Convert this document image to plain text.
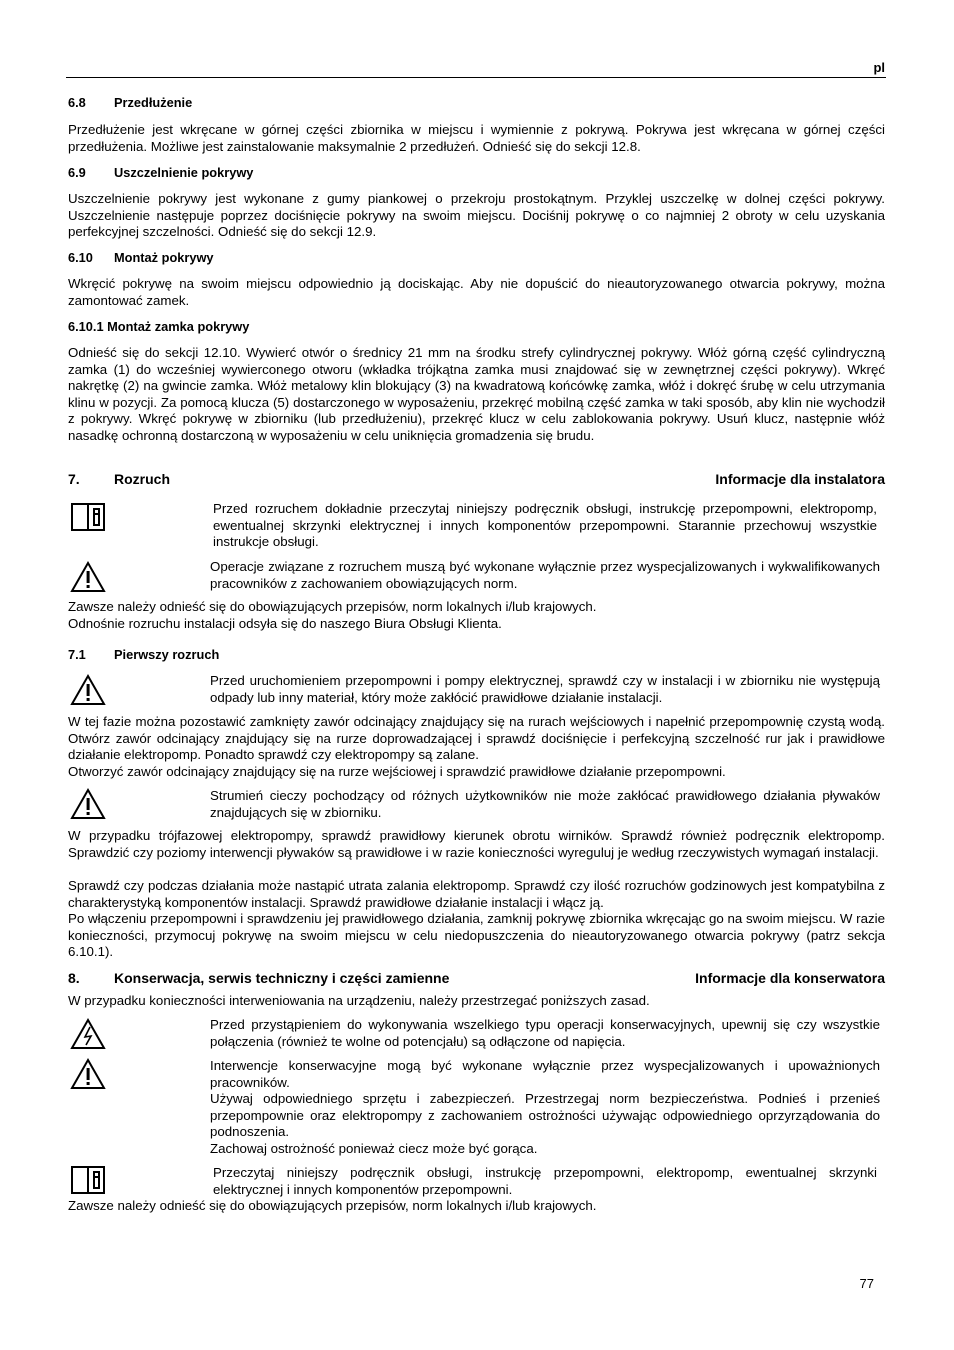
pl
6.8 Przedłużenie
Przedłużenie jest wkręcane w górnej części zbiornika w miejscu i wymiennie z pokrywą. Pokrywa jest wkręcana w górnej części przedłużenia. Możliwe jest zainstalowanie maksymalnie 2 przedłużeń. Odnieść się do sekcji 12.8.
6.9 Uszczelnienie pokrywy
Uszczelnienie pokrywy jest wykonane z gumy piankowej o przekroju prostokątnym. Przyklej uszczelkę w dolnej części pokrywy. Uszczelnienie następuje poprzez dociśnięcie pokrywy na swoim miejscu. Dociśnij pokrywę o co najmniej 2 obroty w celu uzyskania perfekcyjnej szczelności. Odnieść się do sekcji 12.9.
6.10 Montaż pokrywy
Wkręcić pokrywę na swoim miejscu odpowiednio ją dociskając. Aby nie dopuścić do nieautoryzowanego otwarcia pokrywy, można zamontować zamek.
6.10.1 Montaż zamka pokrywy
Odnieść się do sekcji 12.10. Wywierć otwór o średnicy 21 mm na środku strefy cylindrycznej pokrywy. Włóż górną część cylindryczną zamka (1) do wcześniej wywierconego otworu (wkładka trójkątna zamka musi znajdować się w zewnętrznej części pokrywy). Wkręć nakrętkę (2) na gwincie zamka. Włóż metalowy klin blokujący (3) na kwadratową końcówkę zamka, włóż i dokręć śrubę w celu utrzymania klinu w pozycji. Za pomocą klucza (5) dostarczonego w wyposażeniu, przekręć mobilną część zamka w taki sposób, aby klin nie wychodził z pokrywy. Wkręć pokrywę w zbiorniku (lub przedłużeniu), przekręć klucz w celu zablokowania pokrywy. Usuń klucz, następnie włóż nasadkę ochronną dostarczoną w wyposażeniu w celu uniknięcia gromadzenia się brudu.
7. Rozruch	Informacje dla instalatora
Przed rozruchem dokładnie przeczytaj niniejszy podręcznik obsługi, instrukcję przepompowni, elektropomp, ewentualnej skrzynki elektrycznej i innych komponentów przepompowni. Starannie przechowuj wszystkie instrukcje obsługi.
Operacje związane z rozruchem muszą być wykonane wyłącznie przez wyspecjalizowanych i wykwalifikowanych pracowników z zachowaniem obowiązujących norm.
Zawsze należy odnieść się do obowiązujących przepisów, norm lokalnych i/lub krajowych.
Odnośnie rozruchu instalacji odsyła się do naszego Biura Obsługi Klienta.
7.1 Pierwszy rozruch
Przed uruchomieniem przepompowni i pompy elektrycznej, sprawdź czy w instalacji i w zbiorniku nie występują odpady lub inny materiał, który może zakłócić prawidłowe działanie instalacji.
W tej fazie można pozostawić zamknięty zawór odcinający znajdujący się na rurach wejściowych i napełnić przepompownię czystą wodą. Otwórz zawór odcinający znajdujący się na rurze doprowadzającej i sprawdź dociśnięcie i perfekcyjną szczelność rur jak i prawidłowe działanie elektropomp. Ponadto sprawdź czy elektropompy są zalane.
Otworzyć zawór odcinający znajdujący się na rurze wejściowej i sprawdzić prawidłowe działanie przepompowni.
Strumień cieczy pochodzący od różnych użytkowników nie może zakłócać prawidłowego działania pływaków znajdujących się w zbiorniku.
W przypadku trójfazowej elektropompy, sprawdź prawidłowy kierunek obrotu wirników. Sprawdź również podręcznik elektropomp. Sprawdzić czy poziomy interwencji pływaków są prawidłowe i w razie konieczności wyreguluj je według rzeczywistych wymagań instalacji.
Sprawdź czy podczas działania może nastąpić utrata zalania elektropomp. Sprawdź czy ilość rozruchów godzinowych jest kompatybilna z charakterystyką komponentów instalacji. Sprawdź prawidłowe działanie instalacji i włącz ją.
Po włączeniu przepompowni i sprawdzeniu jej prawidłowego działania, zamknij pokrywę zbiornika wkręcając go na swoim miejscu. W razie konieczności, przymocuj pokrywę na swoim miejscu w celu niedopuszczenia do nieautoryzowanego otwarcia pokrywy (patrz sekcja 6.10.1).
8. Konserwacja, serwis techniczny i części zamienne	Informacje dla konserwatora
W przypadku konieczności interweniowania na urządzeniu, należy przestrzegać poniższych zasad.
Przed przystąpieniem do wykonywania wszelkiego typu operacji konserwacyjnych, upewnij się czy wszystkie połączenia (również te wolne od potencjału) są odłączone od napięcia.
Interwencje konserwacyjne mogą być wykonane wyłącznie przez wyspecjalizowanych i upoważnionych pracowników.
Używaj odpowiedniego sprzętu i zabezpieczeń. Przestrzegaj norm bezpieczeństwa. Podnieś i przenieś przepompownie oraz elektropompy z zachowaniem ostrożności używając odpowiedniego oprzyrządowania do podnoszenia.
Zachowaj ostrożność ponieważ ciecz może być gorąca.
Przeczytaj niniejszy podręcznik obsługi, instrukcję przepompowni, elektropomp, ewentualnej skrzynki elektrycznej i innych komponentów przepompowni.
Zawsze należy odnieść się do obowiązujących przepisów, norm lokalnych i/lub krajowych.
77
